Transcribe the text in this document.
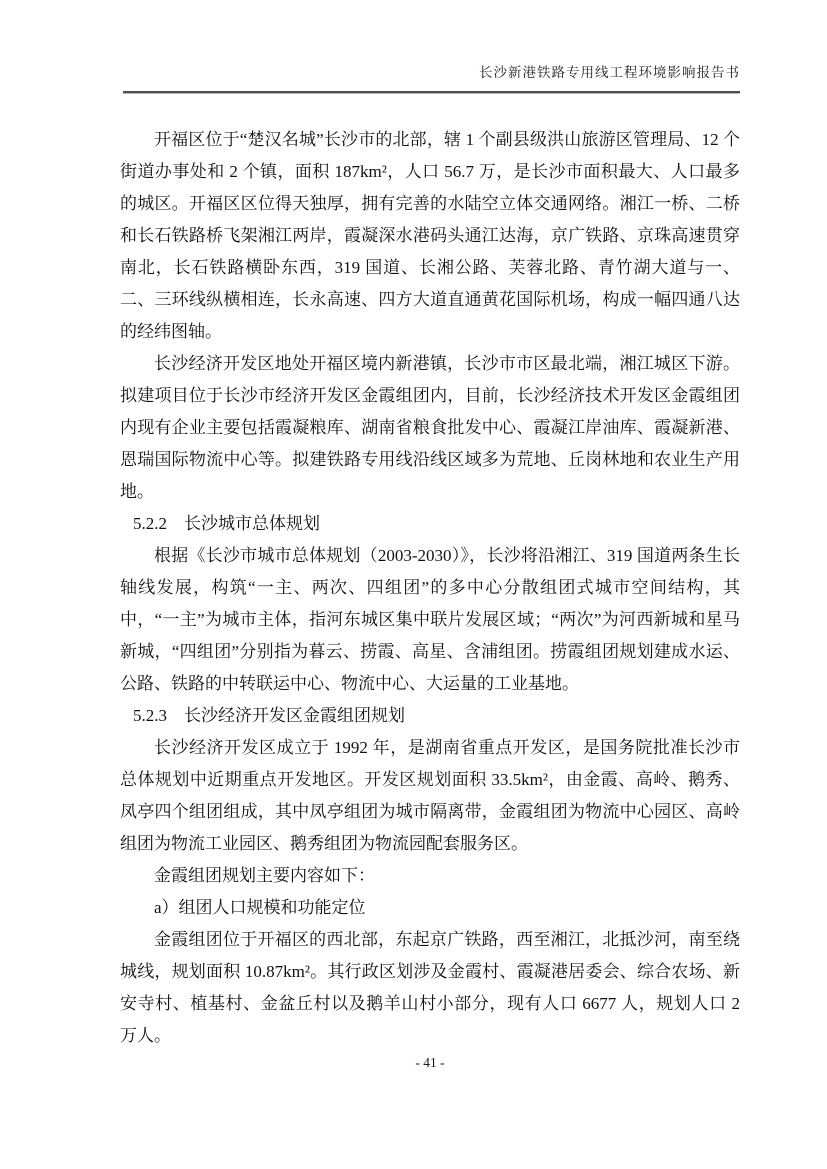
长沙新港铁路专用线工程环境影响报告书

开福区位于“楚汉名城”长沙市的北部，辖 1 个副县级洪山旅游区管理局、12 个街道办事处和 2 个镇，面积 187km²，人口 56.7 万，是长沙市面积最大、人口最多的城区。开福区区位得天独厚，拥有完善的水陆空立体交通网络。湘江一桥、二桥和长石铁路桥飞架湘江两岸，霞凝深水港码头通江达海，京广铁路、京珠高速贯穿南北，长石铁路横卧东西，319 国道、长湘公路、芙蓉北路、青竹湖大道与一、二、三环线纵横相连，长永高速、四方大道直通黄花国际机场，构成一幅四通八达的经纬图轴。

长沙经济开发区地处开福区境内新港镇，长沙市市区最北端，湘江城区下游。拟建项目位于长沙市经济开发区金霞组团内，目前，长沙经济技术开发区金霞组团内现有企业主要包括霞凝粮库、湖南省粮食批发中心、霞凝江岸油库、霞凝新港、恩瑞国际物流中心等。拟建铁路专用线沿线区域多为荒地、丘岗林地和农业生产用地。

5.2.2　长沙城市总体规划

根据《长沙市城市总体规划（2003-2030）》，长沙将沿湘江、319 国道两条生长轴线发展，构筑“一主、两次、四组团”的多中心分散组团式城市空间结构，其中，“一主”为城市主体，指河东城区集中联片发展区域；“两次”为河西新城和星马新城，“四组团”分别指为暮云、捞霞、高星、含浦组团。捞霞组团规划建成水运、公路、铁路的中转联运中心、物流中心、大运量的工业基地。

5.2.3　长沙经济开发区金霞组团规划

长沙经济开发区成立于 1992 年，是湖南省重点开发区，是国务院批准长沙市总体规划中近期重点开发地区。开发区规划面积 33.5km²，由金霞、高岭、鹅秀、凤亭四个组团组成，其中凤亭组团为城市隔离带，金霞组团为物流中心园区、高岭组团为物流工业园区、鹅秀组团为物流园配套服务区。

金霞组团规划主要内容如下：

a）组团人口规模和功能定位

金霞组团位于开福区的西北部，东起京广铁路，西至湘江，北抵沙河，南至绕城线，规划面积 10.87km²。其行政区划涉及金霞村、霞凝港居委会、综合农场、新安寺村、植基村、金盆丘村以及鹅羊山村小部分，现有人口 6677 人，规划人口 2 万人。

- 41 -
